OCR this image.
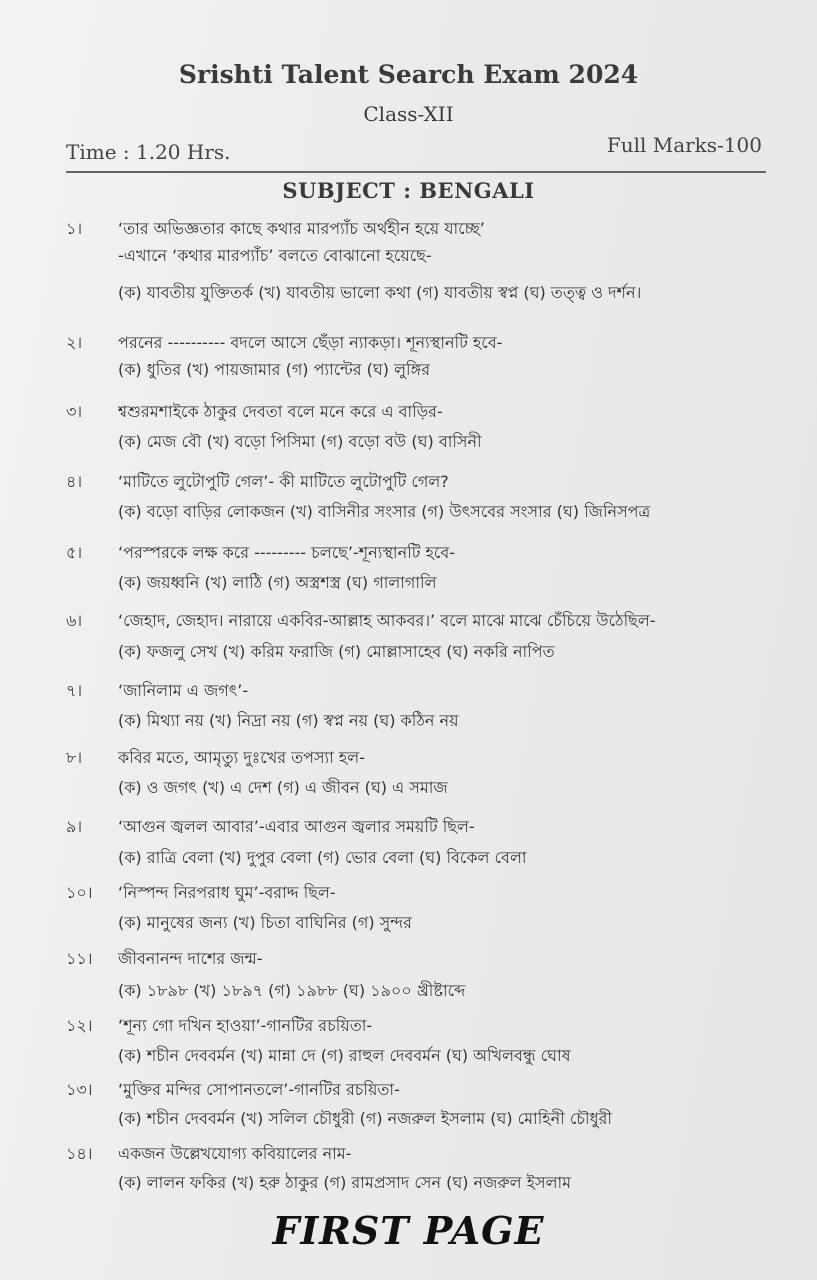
Srishti Talent Search Exam 2024
Class-XII
Time : 1.20 Hrs.	Full Marks-100
SUBJECT : BENGALI
১।	‘তার অভিজ্ঞতার কাছে কথার মারপ্যাঁচ অর্থহীন হয়ে যাচ্ছে’
-এখানে ‘কথার মারপ্যাঁচ’ বলতে বোঝানো হয়েছে-
(ক) যাবতীয় যুক্তিতর্ক (খ) যাবতীয় ভালো কথা (গ) যাবতীয় স্বপ্ন (ঘ) তত্ত্ব ও দর্শন।
২।	পরনের ---------- বদলে আসে ছেঁড়া ন্যাকড়া। শূন্যস্থানটি হবে-
(ক) ধুতির (খ) পায়জামার (গ) প্যান্টের (ঘ) লুঙ্গির
৩।	শ্বশুরমশাইকে ঠাকুর দেবতা বলে মনে করে এ বাড়ির-
(ক) মেজ বৌ (খ) বড়ো পিসিমা (গ) বড়ো বউ (ঘ) বাসিনী
৪।	‘মাটিতে লুটোপুটি গেল’- কী মাটিতে লুটোপুটি গেল?
(ক) বড়ো বাড়ির লোকজন (খ) বাসিনীর সংসার (গ) উৎসবের সংসার (ঘ) জিনিসপত্র
৫।	‘পরস্পরকে লক্ষ করে --------- চলছে’-শূন্যস্থানটি হবে-
(ক) জয়ধ্বনি (খ) লাঠি (গ) অস্ত্রশস্ত্র (ঘ) গালাগালি
৬।	‘জেহাদ, জেহাদ। নারায়ে একবির-আল্লাহ আকবর।’ বলে মাঝে মাঝে চেঁচিয়ে উঠেছিল-
(ক) ফজলু সেখ (খ) করিম ফরাজি (গ) মোল্লাসাহেব (ঘ) নকরি নাপিত
৭।	‘জানিলাম এ জগৎ’-
(ক) মিথ্যা নয় (খ) নিদ্রা নয় (গ) স্বপ্ন নয় (ঘ) কঠিন নয়
৮।	কবির মতে, আমৃত্যু দুঃখের তপস্যা হল-
(ক) ও জগৎ (খ) এ দেশ (গ) এ জীবন (ঘ) এ সমাজ
৯।	‘আগুন জ্বলল আবার’-এবার আগুন জ্বলার সময়টি ছিল-
(ক) রাত্রি বেলা (খ) দুপুর বেলা (গ) ভোর বেলা (ঘ) বিকেল বেলা
১০।	‘নিস্পন্দ নিরপরাধ ঘুম’-বরাদ্দ ছিল-
(ক) মানুষের জন্য (খ) চিতা বাঘিনির (গ) সুন্দর
১১।	জীবনানন্দ দাশের জন্ম-
(ক) ১৮৯৮ (খ) ১৮৯৭ (গ) ১৯৮৮ (ঘ) ১৯০০ খ্রীষ্টাব্দে
১২।	‘শূন্য গো দখিন হাওয়া’-গানটির রচয়িতা-
(ক) শচীন দেববর্মন (খ) মান্না দে (গ) রাহুল দেববর্মন (ঘ) অখিলবন্ধু ঘোষ
১৩।	‘মুক্তির মন্দির সোপানতলে’-গানটির রচয়িতা-
(ক) শচীন দেববর্মন (খ) সলিল চৌধুরী (গ) নজরুল ইসলাম (ঘ) মোহিনী চৌধুরী
১৪।	একজন উল্লেখযোগ্য কবিয়ালের নাম-
(ক) লালন ফকির (খ) হরু ঠাকুর (গ) রামপ্রসাদ সেন (ঘ) নজরুল ইসলাম
FIRST PAGE
